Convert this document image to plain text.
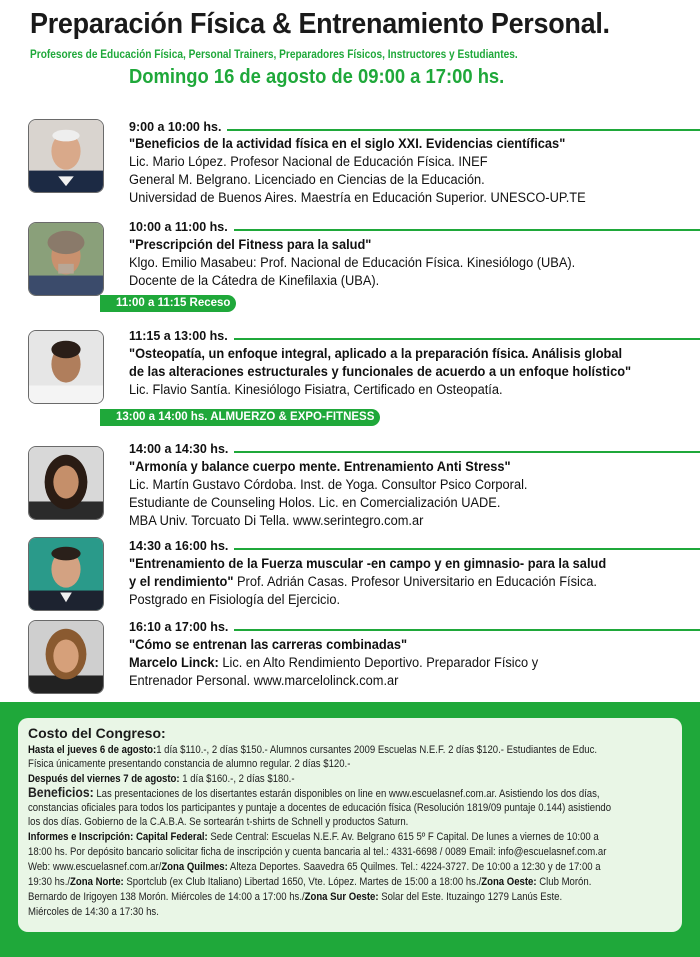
Preparación Física & Entrenamiento Personal.
Profesores de Educación Física, Personal Trainers, Preparadores Físicos, Instructores y Estudiantes.
Domingo 16 de agosto de 09:00 a 17:00 hs.
9:00 a 10:00 hs.
"Beneficios de la actividad física en el siglo XXI. Evidencias científicas"
Lic. Mario López. Profesor Nacional de Educación Física. INEF
General M. Belgrano. Licenciado en Ciencias de la Educación.
Universidad de Buenos Aires. Maestría en Educación Superior. UNESCO-UP.TE
10:00 a 11:00 hs.
"Prescripción del Fitness para la salud"
Klgo. Emilio Masabeu: Prof. Nacional de Educación Física. Kinesiólogo (UBA).
Docente de la Cátedra de Kinefilaxia (UBA).
11:00 a 11:15 Receso
11:15 a 13:00 hs.
"Osteopatía, un enfoque integral, aplicado a la preparación física. Análisis global
de las alteraciones estructurales y funcionales de acuerdo a un enfoque holístico"
Lic. Flavio Santía. Kinesiólogo Fisiatra, Certificado en Osteopatía.
13:00 a 14:00 hs. ALMUERZO & EXPO-FITNESS
14:00 a 14:30 hs.
"Armonía y balance cuerpo mente. Entrenamiento Anti Stress"
Lic. Martín Gustavo Córdoba. Inst. de Yoga. Consultor Psico Corporal.
Estudiante de Counseling Holos. Lic. en Comercialización UADE.
MBA Univ. Torcuato Di Tella. www.serintegro.com.ar
14:30 a 16:00 hs.
"Entrenamiento de la Fuerza muscular -en campo y en gimnasio- para la salud
y el rendimiento" Prof. Adrián Casas. Profesor Universitario en Educación Física.
Postgrado en Fisiología del Ejercicio.
16:10 a 17:00 hs.
"Cómo se entrenan las carreras combinadas"
Marcelo Linck: Lic. en Alto Rendimiento Deportivo. Preparador Físico y
Entrenador Personal. www.marcelolinck.com.ar
Costo del Congreso:
Hasta el jueves 6 de agosto:1 día $110.-, 2 días $150.- Alumnos cursantes 2009 Escuelas N.E.F. 2 días $120.- Estudiantes de Educ.
Física únicamente presentando constancia de alumno regular. 2 días $120.-
Después del viernes 7 de agosto: 1 día $160.-, 2 días $180.-
Beneficios: Las presentaciones de los disertantes estarán disponibles on line en www.escuelasnef.com.ar. Asistiendo los dos días,
constancias oficiales para todos los participantes y puntaje a docentes de educación física (Resolución 1819/09 puntaje 0.144) asistiendo
los dos días. Gobierno de la C.A.B.A. Se sortearán t-shirts de Schnell y productos Saturn.
Informes e Inscripción: Capital Federal: Sede Central: Escuelas N.E.F. Av. Belgrano 615 5º F Capital. De lunes a viernes de 10:00 a
18:00 hs. Por depósito bancario solicitar ficha de inscripción y cuenta bancaria al tel.: 4331-6698 / 0089 Email: info@escuelasnef.com.ar
Web: www.escuelasnef.com.ar/Zona Quilmes: Alteza Deportes. Saavedra 65 Quilmes. Tel.: 4224-3727. De 10:00 a 12:30 y de 17:00 a
19:30 hs./Zona Norte: Sportclub (ex Club Italiano) Libertad 1650, Vte. López. Martes de 15:00 a 18:00 hs./Zona Oeste: Club Morón.
Bernardo de Irigoyen 138 Morón. Miércoles de 14:00 a 17:00 hs./Zona Sur Oeste: Solar del Este. Ituzaingo 1279 Lanús Este.
Miércoles de 14:30 a 17:30 hs.
